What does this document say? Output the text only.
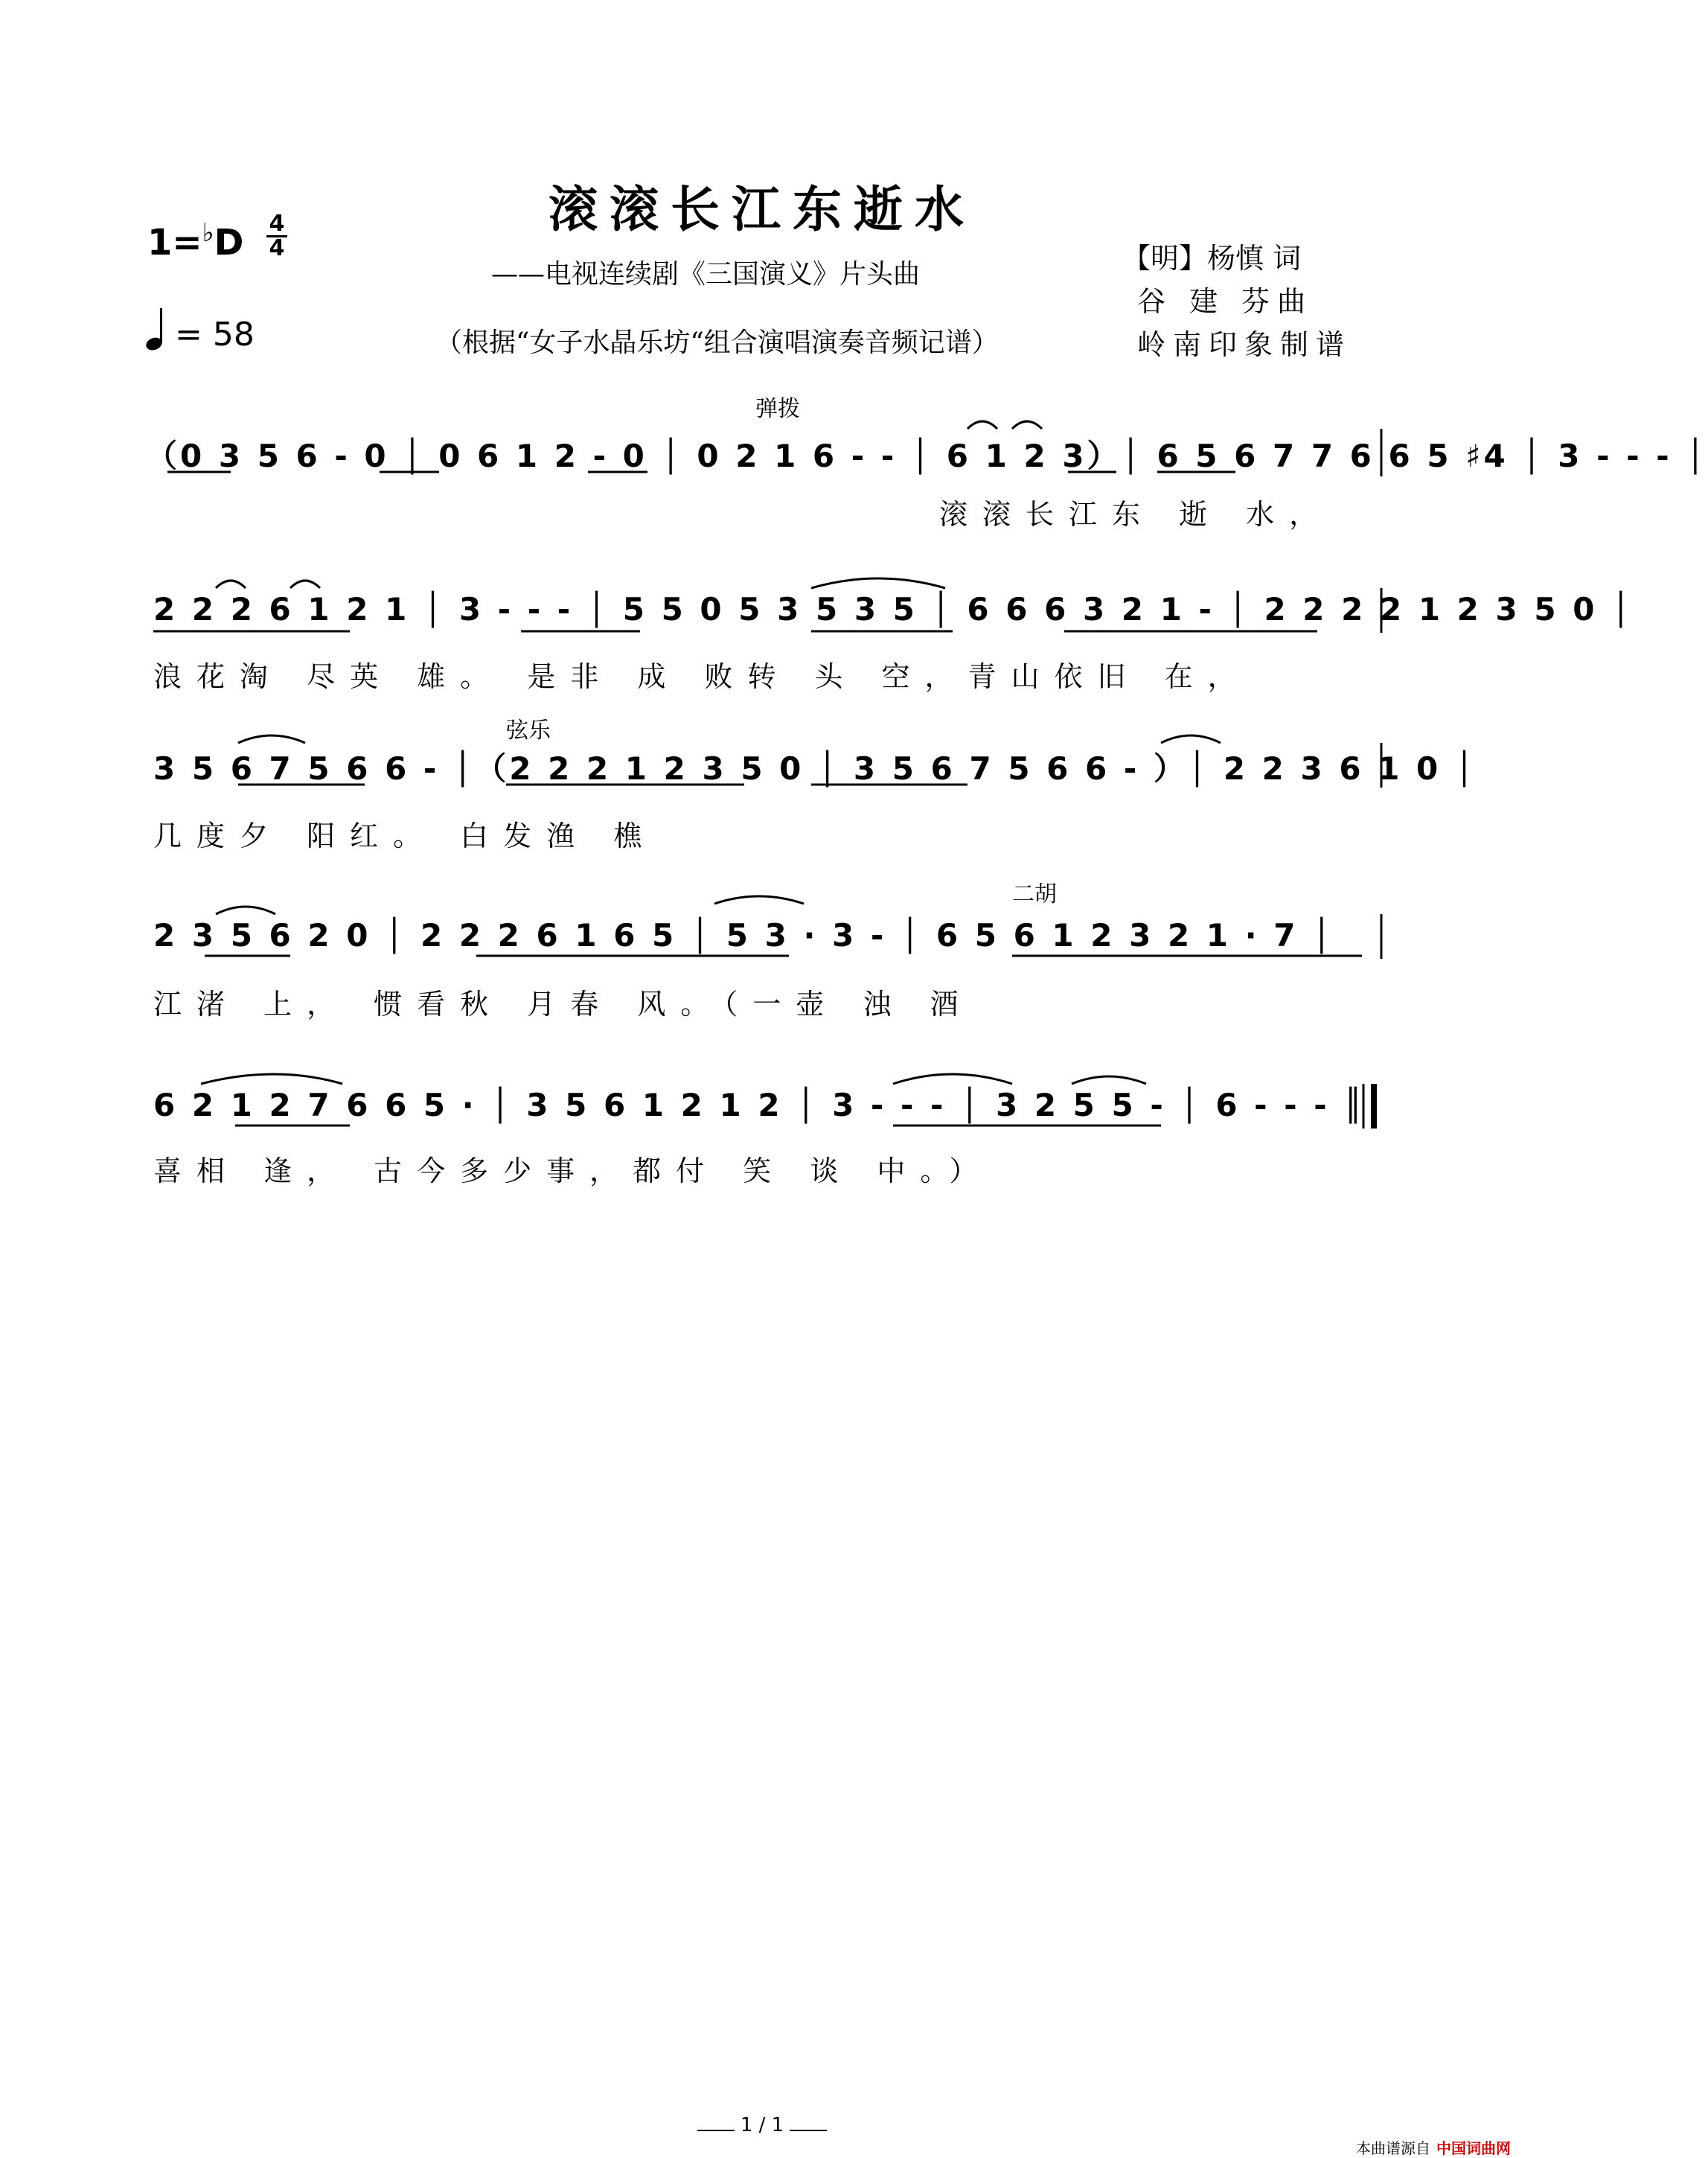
滚滚长江东逝水
——电视连续剧《三国演义》片头曲
（根据“女子水晶乐坊“组合演唱演奏音频记谱）
【明】杨慎 词
谷 建 芬曲
岭南印象制谱
1=♭D 4
4
= 58
弹拨
弦乐
二胡
（0 3 5 6 - 0 │ 0 6 1 2 - 0 │ 0 2 1 6 - - │ 6 1 2 3）│ 6 5 6 7 7 6 6 5 ♯4 │ 3 - - - │
滚滚长江东 逝 水，
2 2 2 6 1 2 1 │ 3 - - - │ 5 5 0 5 3 5 3 5 │ 6 6 6 3 2 1 - │ 2 2 2 2 1 2 3 5 0 │
浪花淘 尽英 雄。 是非 成 败转 头 空，青山依旧 在，
3 5 6 7 5 6 6 - │（2 2 2 1 2 3 5 0 │ 3 5 6 7 5 6 6 - ）│ 2 2 3 6 1 0 │
几度夕 阳红。 白发渔 樵
2 3 5 6 2 0 │ 2 2 2 6 1 6 5 │ 5 3 · 3 - │ 6 5 6 1 2 3 2 1 · 7 │
江渚 上， 惯看秋 月春 风。（一壶 浊 酒
6 2 1 2 7 6 6 5 · │ 3 5 6 1 2 1 2 │ 3 - - - │ 3 2 5 5 - │ 6 - - - ║
喜相 逢， 古今多少事，都付 笑 谈 中。）
1 / 1
本曲谱源自 中国词曲网
